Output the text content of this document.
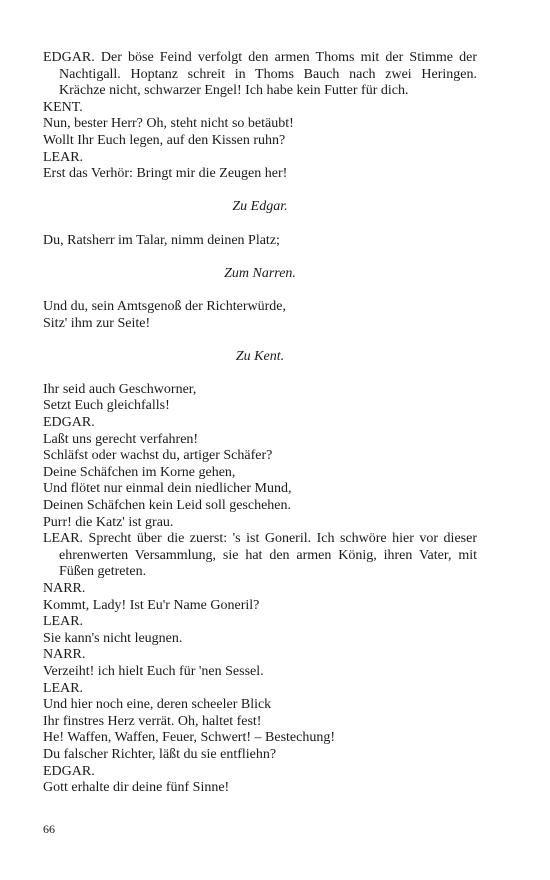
EDGAR. Der böse Feind verfolgt den armen Thoms mit der Stimme der Nachtigall. Hoptanz schreit in Thoms Bauch nach zwei Heringen. Krächze nicht, schwarzer Engel! Ich habe kein Futter für dich.

KENT.

Nun, bester Herr? Oh, steht nicht so betäubt!

Wollt Ihr Euch legen, auf den Kissen ruhn?

LEAR.

Erst das Verhör: Bringt mir die Zeugen her!

Zu Edgar.

Du, Ratsherr im Talar, nimm deinen Platz;

Zum Narren.

Und du, sein Amtsgenoß der Richterwürde,

Sitz' ihm zur Seite!

Zu Kent.

Ihr seid auch Geschworner,

Setzt Euch gleichfalls!

EDGAR.

Laßt uns gerecht verfahren!

Schläfst oder wachst du, artiger Schäfer?

Deine Schäfchen im Korne gehen,

Und flötet nur einmal dein niedlicher Mund,

Deinen Schäfchen kein Leid soll geschehen.

Purr! die Katz' ist grau.

LEAR. Sprecht über die zuerst: 's ist Goneril. Ich schwöre hier vor dieser ehrenwerten Versammlung, sie hat den armen König, ihren Vater, mit Füßen getreten.

NARR.

Kommt, Lady! Ist Eu'r Name Goneril?

LEAR.

Sie kann's nicht leugnen.

NARR.

Verzeiht! ich hielt Euch für 'nen Sessel.

LEAR.

Und hier noch eine, deren scheeler Blick

Ihr finstres Herz verrät. Oh, haltet fest!

He! Waffen, Waffen, Feuer, Schwert! – Bestechung!

Du falscher Richter, läßt du sie entfliehn?

EDGAR.

Gott erhalte dir deine fünf Sinne!

66
